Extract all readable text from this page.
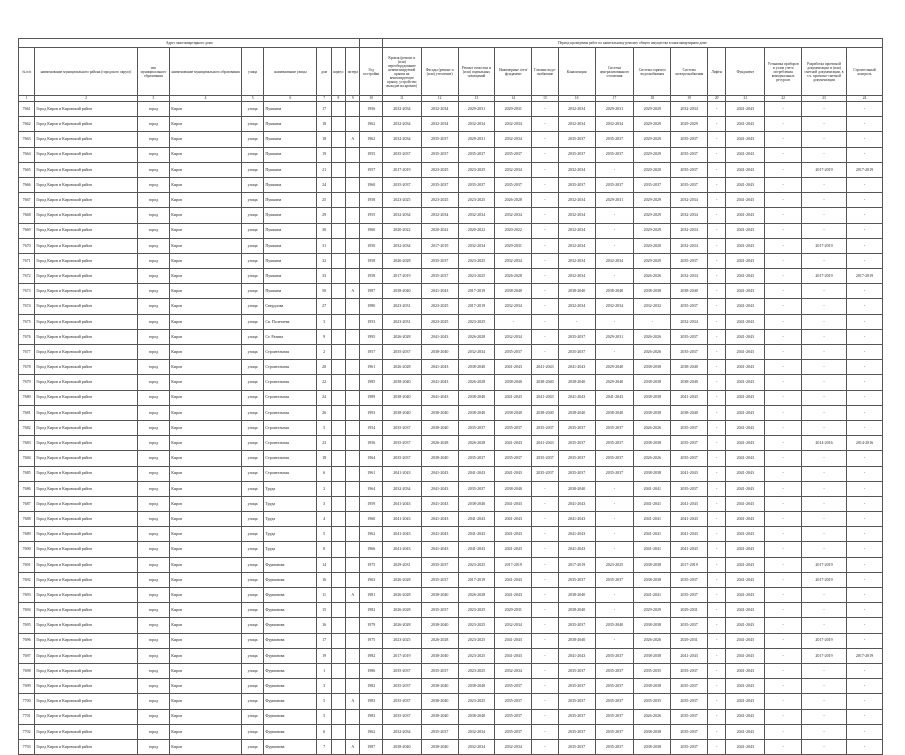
Адрес многоквартирного дома										Период проведения работ по капитальному ремонту общего имущества в многоквартирном доме													
№ п/п	наименование муниципального района (городского округа)	тип муниципального образования	наименование муниципального образования	улица	наименование улицы	дом	корпус	литера	Год постройки	Кровля (ремонт и (или) переоборудование невентилируемой крыши на вентилируемую крышу, устройство выходов на кровлю)	Фасады (ремонт и (или) утепление)	Ремонт отмостки и (или) подвальных помещений	Инженерные сети/ фундамент	Газовые водо-снабжение	Канализация	Система централизованного отопления	Система горячего водоснабжения	Система электроснабжения	Лифты	Фундамент	Установка приборов и узлов учета потребления коммунальных ресурсов	Разработка проектной документации и (или) сметной документации, в т.ч. проектно-сметной документации	Строительный контроль
1	2	3	4	5	6	7	8	9	10	11	12	13	14	15	16	17	18	19	20	21	22	23	24
7661	Город Киров и Кировский район	город	Киров	улица	Пушкина	17			1956	2032-2034	2032-2034	2029-2031	2029-2031	-	2032-2034	2029-2031	2029-2029	2032-2034	-	2041-2043	-	-	-
7662	Город Киров и Кировский район	город	Киров	улица	Пушкина	18			1962	2032-2034	2032-2034	2032-2034	2032-2034	-	2032-2034	2032-2034	2029-2029	2029-2029	-	2041-2043	-	-	-
7663	Город Киров и Кировский район	город	Киров	улица	Пушкина	18		А	1962	2032-2034	2035-2037	2029-2031	2032-2034	-	2035-2037	2035-2037	2029-2029	2035-2037	-	2041-2043	-	-	-
7664	Город Киров и Кировский район	город	Киров	улица	Пушкина	19			1955	2035-2037	2035-2037	2035-2037	2035-2037	-	2035-2037	2035-2037	2029-2029	2035-2037	-	2041-2043	-	-	-
7665	Город Киров и Кировский район	город	Киров	улица	Пушкина	21			1957	2017-2019	2023-2025	2023-2025	2032-2034	-	2032-2034	-	2020-2020	2035-2037	-	2041-2043	-	2017-2019	2017-2019
7666	Город Киров и Кировский район	город	Киров	улица	Пушкина	24			1960	2035-2037	2035-2037	2035-2037	2035-2037	-	2035-2037	2035-2037	2035-2037	2035-2037	-	2041-2043	-	-	-
7667	Город Киров и Кировский район	город	Киров	улица	Пушкина	25			1958	2023-2025	2023-2025	2023-2025	2026-2028	-	2032-2034	2029-2031	2029-2029	2032-2034	-	2041-2043	-	-	-
7668	Город Киров и Кировский район	город	Киров	улица	Пушкина	29			1955	2032-2034	2032-2034	2032-2034	2032-2034	-	2032-2034	-	2029-2029	2032-2034	-	2041-2043	-	-	-
7669	Город Киров и Кировский район	город	Киров	улица	Пушкина	30			1960	2020-2022	2020-2022	2020-2022	2020-2022	-	2032-2034	-	2029-2029	2032-2034	-	2041-2043	-	-	-
7670	Город Киров и Кировский район	город	Киров	улица	Пушкина	31			1950	2032-2034	2017-2019	2032-2034	2029-2031	-	2032-2034	-	2020-2020	2032-2034	-	2041-2043	-	2017-2019	-
7671	Город Киров и Кировский район	город	Киров	улица	Пушкина	32			1958	2026-2028	2035-2037	2023-2025	2032-2034	-	2032-2034	2032-2034	2029-2029	2035-2037	-	2041-2043	-	-	-
7672	Город Киров и Кировский район	город	Киров	улица	Пушкина	33			1958	2017-2019	2035-2037	2023-2025	2026-2028	-	2032-2034	-	2026-2026	2032-2034	-	2041-2043	-	2017-2019	2017-2019
7673	Город Киров и Кировский район	город	Киров	улица	Пушкина	50		А	1987	2038-2040	2041-2043	2017-2019	2038-2040	-	2038-2040	2038-2040	2038-2038	2038-2040	-	2041-2043	-	-	-
7674	Город Киров и Кировский район	город	Киров	улица	Свердлова	27			1980	2023-2031	2023-2025	2017-2019	2032-2034	-	2032-2034	2032-2034	2032-2032	2035-2037	-	2041-2043	-	-	-
7675	Город Киров и Кировский район	город	Киров	улица	Св. Полетаева	3			1953	2023-2031	2023-2025	2023-2025	-	-	-	-	-	2032-2034	-	2041-2043	-	-	-
7676	Город Киров и Кировский район	город	Киров	улица	Ст. Разина	9			1995	2026-2028	2041-2043	2026-2028	2032-2034	-	2035-2037	2029-2031	2026-2026	2035-2037	-	2041-2043	-	-	-
7677	Город Киров и Кировский район	город	Киров	улица	Строительная	2			1957	2035-2037	2038-2040	2032-2034	2035-2037	-	2035-2037	-	2026-2026	2035-2037	-	2041-2043	-	-	-
7678	Город Киров и Кировский район	город	Киров	улица	Строительная	20			1961	2026-2028	2041-2043	2038-2040	2041-2043	2041-2043	2041-2043	2029-2040	2038-2038	2038-2040	-	2041-2043	-	-	-
7679	Город Киров и Кировский район	город	Киров	улица	Строительная	22			1985	2038-2040	2041-2043	2026-2028	2038-2040	2038-2040	2038-2040	2029-2040	2038-2038	2038-2040	-	2041-2043	-	-	-
7680	Город Киров и Кировский район	город	Киров	улица	Строительная	24			1989	2038-2040	2041-2043	2038-2040	2041-2043	2041-2043	2041-2043	2041-2043	2038-2038	2041-2043	-	2041-2043	-	-	-
7681	Город Киров и Кировский район	город	Киров	улица	Строительная	26			1993	2038-2040	2038-2040	2038-2040	2038-2040	2038-2040	2038-2040	2038-2040	2038-2038	2038-2040	-	2041-2043	-	-	-
7682	Город Киров и Кировский район	город	Киров	улица	Строительная	5			1954	2035-2037	2038-2040	2035-2037	2035-2037	2035-2037	2035-2037	2035-2037	2026-2026	2035-2037	-	2041-2043	-	-	-
7683	Город Киров и Кировский район	город	Киров	улица	Строительная	23			1956	2035-2037	2026-2028	2026-2028	2041-2043	2041-2043	2035-2037	2035-2037	2038-2038	2035-2037	-	2041-2043	-	2014-2016	2014-2016
7684	Город Киров и Кировский район	город	Киров	улица	Строительная	18			1964	2035-2037	2038-2040	2035-2037	2035-2037	2035-2037	2035-2037	2035-2037	2026-2026	2035-2037	-	2041-2043	-	-	-
7685	Город Киров и Кировский район	город	Киров	улица	Строительная	6			1961	2041-2043	2041-2043	2041-2043	2041-2043	2035-2037	2035-2037	2035-2037	2038-2038	2041-2043	-	2041-2043	-	-	-
7686	Город Киров и Кировский район	город	Киров	улица	Труда	2			1964	2032-2034	2041-2043	2035-2037	2038-2040	-	2038-2040	-	2041-2041	2035-2037	-	2041-2043	-	-	-
7687	Город Киров и Кировский район	город	Киров	улица	Труда	3			1959	2041-2043	2041-2043	2038-2040	2041-2043	-	2041-2043	-	2041-2041	2041-2043	-	2041-2043	-	-	-
7688	Город Киров и Кировский район	город	Киров	улица	Труда	4			1960	2041-2043	2041-2043	2041-2043	2041-2043	-	2041-2043	-	2041-2041	2041-2043	-	2041-2043	-	-	-
7689	Город Киров и Кировский район	город	Киров	улица	Труда	5			1962	2041-2043	2041-2043	2041-2043	2041-2043	-	2041-2043	-	2041-2041	2041-2043	-	2041-2043	-	-	-
7690	Город Киров и Кировский район	город	Киров	улица	Труда	8			1966	2041-2043	2041-2043	2041-2043	2041-2043	-	2041-2043	-	2041-2041	2041-2043	-	2041-2043	-	-	-
7691	Город Киров и Кировский район	город	Киров	улица	Фурманова	14			1975	2029-2031	2035-2037	2023-2025	2017-2019	-	2017-2019	2023-2025	2038-2038	2017-2019	-	2041-2043	-	2017-2019	-
7692	Город Киров и Кировский район	город	Киров	улица	Фурманова	16			1963	2026-2028	2035-2037	2017-2019	2041-2043	-	2035-2037	2035-2037	2038-2038	2035-2037	-	2041-2043	-	2017-2019	-
7693	Город Киров и Кировский район	город	Киров	улица	Фурманова	11		А	1981	2026-2028	2038-2040	2026-2028	2041-2043	-	2038-2040	-	2041-2041	2035-2037	-	2041-2043	-	-	-
7694	Город Киров и Кировский район	город	Киров	улица	Фурманова	15			1982	2026-2028	2035-2037	2023-2025	2029-2031	-	2038-2040	-	2029-2029	2029-2031	-	2041-2043	-	-	-
7695	Город Киров и Кировский район	город	Киров	улица	Фурманова	16			1979	2026-2028	2038-2040	2023-2025	2032-2034	-	2035-2037	2035-2040	2038-2038	2035-2037	-	2041-2043	-	-	-
7696	Город Киров и Кировский район	город	Киров	улица	Фурманова	17			1975	2023-2025	2026-2028	2023-2025	2041-2043	-	2038-2040	-	2026-2026	2029-2031	-	2041-2043	-	2017-2019	-
7697	Город Киров и Кировский район	город	Киров	улица	Фурманова	19			1982	2017-2019	2038-2040	2023-2025	2041-2043	-	2041-2043	2035-2037	2038-2038	2041-2043	-	2041-2043	-	2017-2019	2017-2019
7698	Город Киров и Кировский район	город	Киров	улица	Фурманова	1			1986	2035-2037	2035-2037	2023-2025	2032-2034	-	2035-2037	2035-2037	2035-2035	2035-2037	-	2041-2043	-	-	-
7699	Город Киров и Кировский район	город	Киров	улица	Фурманова	3			1982	2035-2037	2038-2040	2038-2040	2035-2037	-	2035-2037	2035-2037	2038-2038	2035-2037	-	2041-2043	-	-	-
7700	Город Киров и Кировский район	город	Киров	улица	Фурманова	5		А	1983	2035-2037	2038-2040	2023-2025	2035-2037	-	2035-2037	2035-2037	2035-2035	2035-2037	-	2041-2043	-	-	-
7701	Город Киров и Кировский район	город	Киров	улица	Фурманова	5			1983	2035-2037	2038-2040	2038-2040	2035-2037	-	2035-2037	2035-2037	2026-2026	2035-2037	-	2041-2043	-	-	-
7702	Город Киров и Кировский район	город	Киров	улица	Фурманова	6			1962	2032-2034	2035-2037	2032-2034	2035-2037	-	2035-2037	2035-2037	2038-2038	2035-2037	-	2041-2043	-	-	-
7703	Город Киров и Кировский район	город	Киров	улица	Фурманова	7		А	1987	2038-2040	2038-2040	2032-2034	2032-2034	-	2035-2037	2035-2037	2038-2038	2035-2037	-	2041-2043	-	-	-
